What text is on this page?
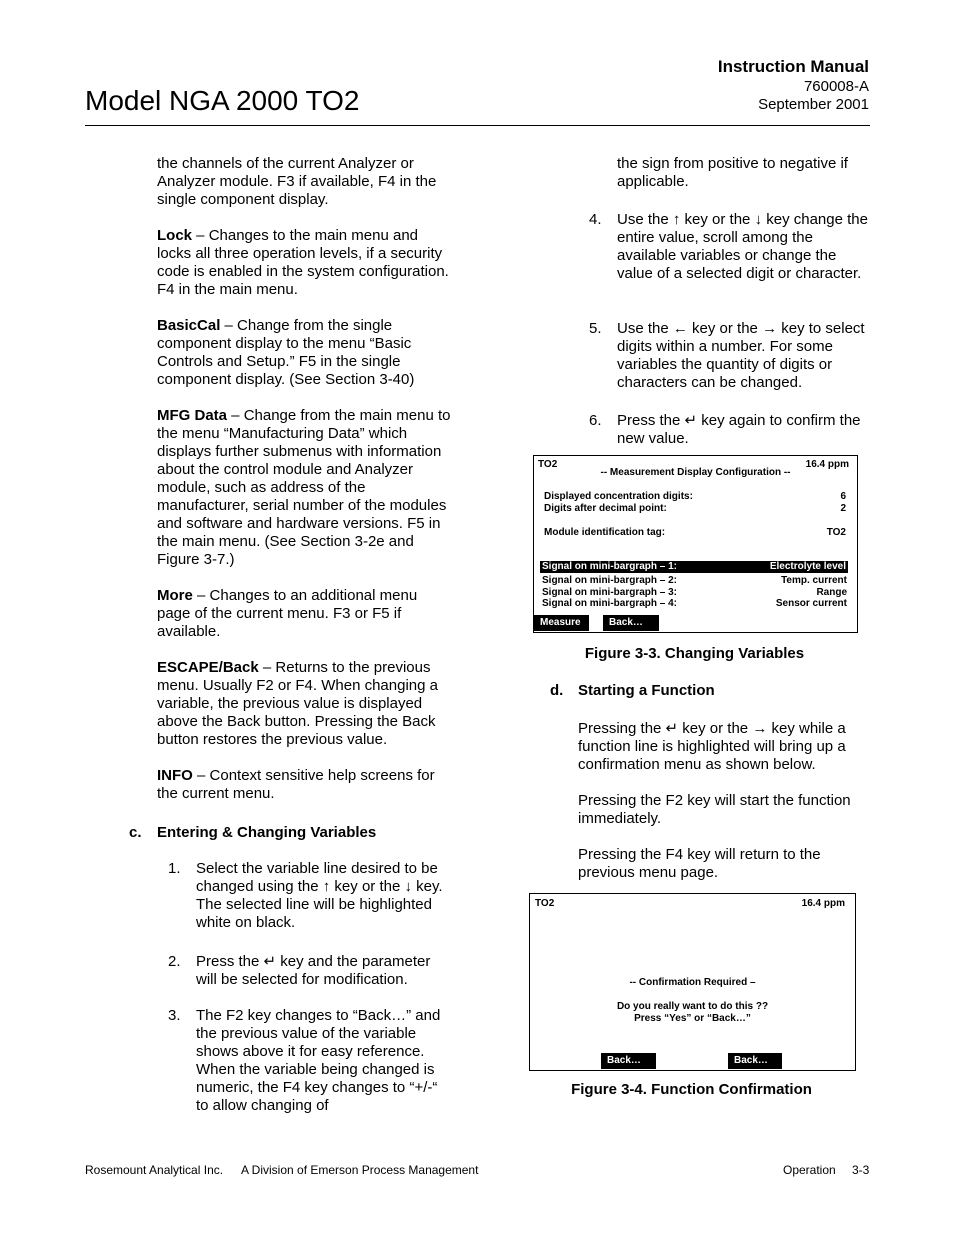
Model NGA 2000 TO2
Instruction Manual
760008-A
September 2001

the channels of the current Analyzer or Analyzer module. F3 if available, F4 in the single component display.

Lock – Changes to the main menu and locks all three operation levels, if a security code is enabled in the system configuration. F4 in the main menu.

BasicCal – Change from the single component display to the menu “Basic Controls and Setup.” F5 in the single component display. (See Section 3-40)

MFG Data – Change from the main menu to the menu “Manufacturing Data” which displays further submenus with information about the control module and Analyzer module, such as address of the manufacturer, serial number of the modules and software and hardware versions. F5 in the main menu. (See Section 3-2e and Figure 3-7.)

More – Changes to an additional menu page of the current menu. F3 or F5 if available.

ESCAPE/Back – Returns to the previous menu. Usually F2 or F4. When changing a variable, the previous value is displayed above the Back button. Pressing the Back button restores the previous value.

INFO – Context sensitive help screens for the current menu.

c. Entering & Changing Variables
1. Select the variable line desired to be changed using the ↑ key or the ↓ key. The selected line will be highlighted white on black.
2. Press the ↵ key and the parameter will be selected for modification.
3. The F2 key changes to “Back…” and the previous value of the variable shows above it for easy reference. When the variable being changed is numeric, the F4 key changes to “+/-“ to allow changing of
the sign from positive to negative if applicable.
4. Use the ↑ key or the ↓ key change the entire value, scroll among the available variables or change the value of a selected digit or character.
5. Use the ← key or the → key to select digits within a number. For some variables the quantity of digits or characters can be changed.
6. Press the ↵ key again to confirm the new value.
TO2	16.4 ppm
-- Measurement Display Configuration --
Displayed concentration digits:	6
Digits after decimal point:	2
Module identification tag:	TO2
Signal on mini-bargraph – 1:	Electrolyte level
Signal on mini-bargraph – 2:	Temp. current
Signal on mini-bargraph – 3:	Range
Signal on mini-bargraph – 4:	Sensor current
Measure	Back…
Figure 3-3. Changing Variables
d. Starting a Function

Pressing the ↵ key or the → key while a function line is highlighted will bring up a confirmation menu as shown below.

Pressing the F2 key will start the function immediately.

Pressing the F4 key will return to the previous menu page.

TO2	16.4 ppm
-- Confirmation Required –
Do you really want to do this ??
Press “Yes” or “Back…”
Back…	Back…
Figure 3-4. Function Confirmation
Rosemount Analytical Inc. A Division of Emerson Process Management	Operation 3-3
